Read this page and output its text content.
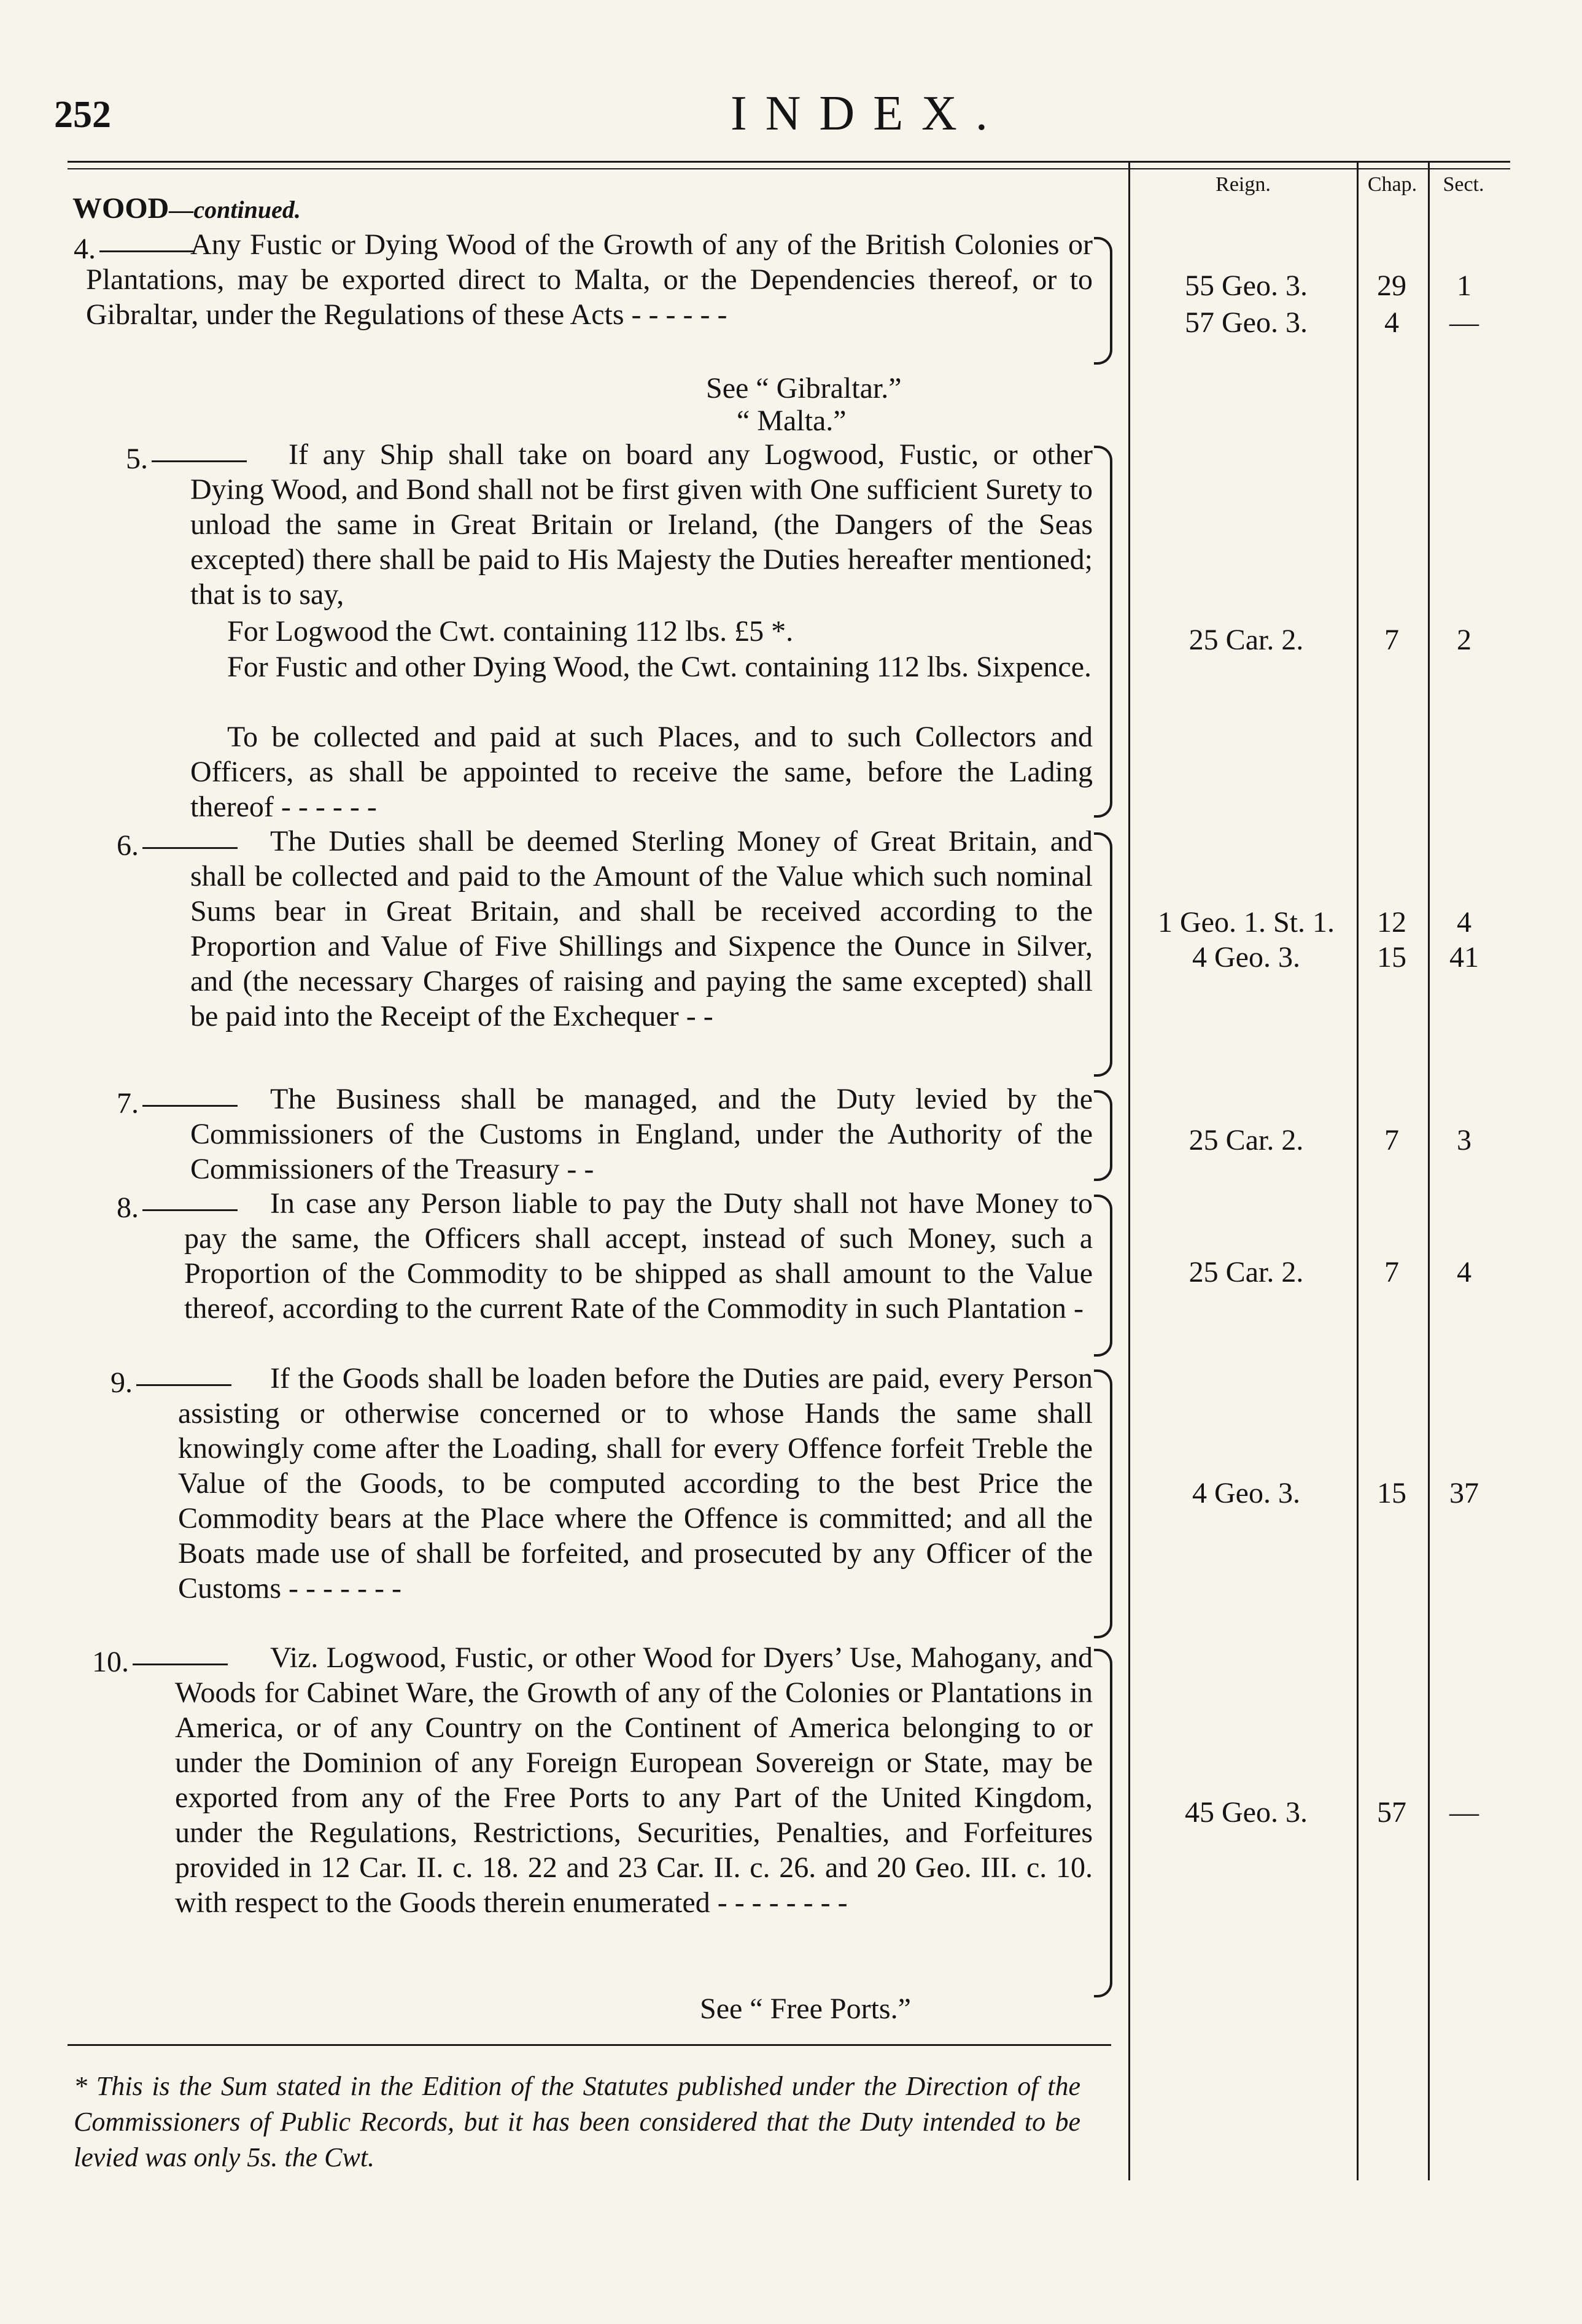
252	INDEX.
Reign.	Chap.	Sect.
WOOD—continued.
4.	Any Fustic or Dying Wood of the Growth of any of the British Colonies or Plantations, may be exported direct to Malta, or the Dependencies thereof, or to Gibraltar, under the Regulations of these Acts - - - - - -
See “ Gibraltar.”
“ Malta.”
55 Geo. 3.	29	1
57 Geo. 3.	4	—
5.	If any Ship shall take on board any Logwood, Fustic, or other Dying Wood, and Bond shall not be first given with One sufficient Surety to unload the same in Great Britain or Ireland, (the Dangers of the Seas excepted) there shall be paid to His Majesty the Duties hereafter mentioned; that is to say,
For Logwood the Cwt. containing 112 lbs. £5 *.
For Fustic and other Dying Wood, the Cwt. containing 112 lbs. Sixpence.
To be collected and paid at such Places, and to such Collectors and Officers, as shall be appointed to receive the same, before the Lading thereof - - - - - -
25 Car. 2.	7	2
6.	The Duties shall be deemed Sterling Money of Great Britain, and shall be collected and paid to the Amount of the Value which such nominal Sums bear in Great Britain, and shall be received according to the Proportion and Value of Five Shillings and Sixpence the Ounce in Silver, and (the necessary Charges of raising and paying the same excepted) shall be paid into the Receipt of the Exchequer - -
1 Geo. 1. St. 1.	12	4
4 Geo. 3.	15	41
7.	The Business shall be managed, and the Duty levied by the Commissioners of the Customs in England, under the Authority of the Commissioners of the Treasury - -
25 Car. 2.	7	3
8.	In case any Person liable to pay the Duty shall not have Money to pay the same, the Officers shall accept, instead of such Money, such a Proportion of the Commodity to be shipped as shall amount to the Value thereof, according to the current Rate of the Commodity in such Plantation -
25 Car. 2.	7	4
9.	If the Goods shall be loaden before the Duties are paid, every Person assisting or otherwise concerned or to whose Hands the same shall knowingly come after the Loading, shall for every Offence forfeit Treble the Value of the Goods, to be computed according to the best Price the Commodity bears at the Place where the Offence is committed; and all the Boats made use of shall be forfeited, and prosecuted by any Officer of the Customs - - - - - - -
4 Geo. 3.	15	37
10.	Viz. Logwood, Fustic, or other Wood for Dyers’ Use, Mahogany, and Woods for Cabinet Ware, the Growth of any of the Colonies or Plantations in America, or of any Country on the Continent of America belonging to or under the Dominion of any Foreign European Sovereign or State, may be exported from any of the Free Ports to any Part of the United Kingdom, under the Regulations, Restrictions, Securities, Penalties, and Forfeitures provided in 12 Car. II. c. 18. 22 and 23 Car. II. c. 26. and 20 Geo. III. c. 10. with respect to the Goods therein enumerated - - - - - - - -
See “ Free Ports.”
45 Geo. 3.	57	—
* This is the Sum stated in the Edition of the Statutes published under the Direction of the Commissioners of Public Records, but it has been considered that the Duty intended to be levied was only 5s. the Cwt.
